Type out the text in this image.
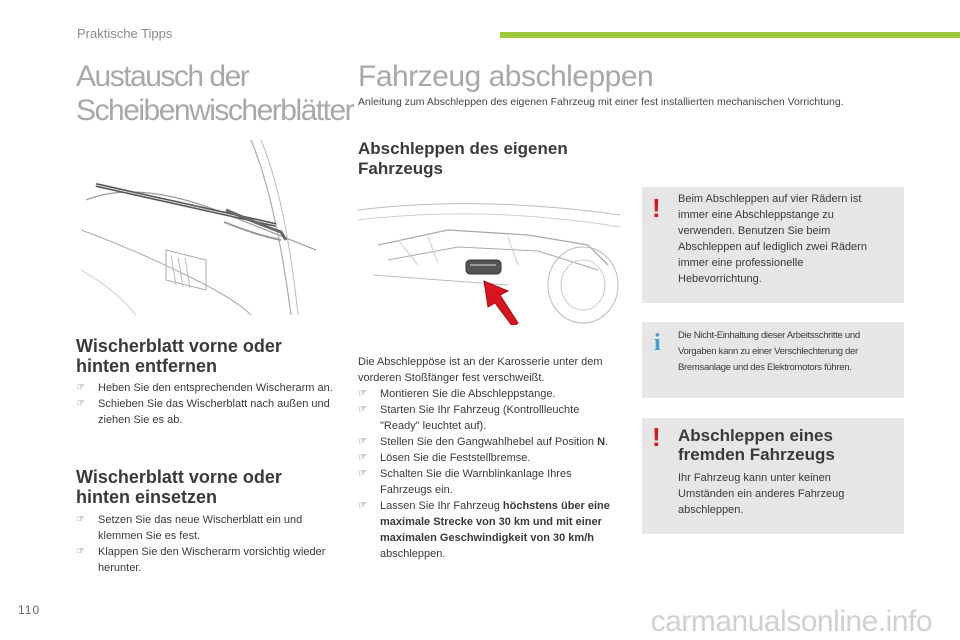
Praktische Tipps
Austausch der Scheibenwischerblätter
Wischerblatt vorne oder hinten entfernen
☞ Heben Sie den entsprechenden Wischerarm an.
☞ Schieben Sie das Wischerblatt nach außen und ziehen Sie es ab.
Wischerblatt vorne oder hinten einsetzen
☞ Setzen Sie das neue Wischerblatt ein und klemmen Sie es fest.
☞ Klappen Sie den Wischerarm vorsichtig wieder herunter.
Fahrzeug abschleppen
Anleitung zum Abschleppen des eigenen Fahrzeug mit einer fest installierten mechanischen Vorrichtung.
Abschleppen des eigenen Fahrzeugs
Die Abschleppöse ist an der Karosserie unter dem vorderen Stoßfänger fest verschweißt.
☞ Montieren Sie die Abschleppstange.
☞ Starten Sie Ihr Fahrzeug (Kontrollleuchte "Ready" leuchtet auf).
☞ Stellen Sie den Gangwahlhebel auf Position N.
☞ Lösen Sie die Feststellbremse.
☞ Schalten Sie die Warnblinkanlage Ihres Fahrzeugs ein.
☞ Lassen Sie Ihr Fahrzeug höchstens über eine maximale Strecke von 30 km und mit einer maximalen Geschwindigkeit von 30 km/h abschleppen.
! Beim Abschleppen auf vier Rädern ist immer eine Abschleppstange zu verwenden. Benutzen Sie beim Abschleppen auf lediglich zwei Rädern immer eine professionelle Hebevorrichtung.
i Die Nicht-Einhaltung dieser Arbeitsschritte und Vorgaben kann zu einer Verschlechterung der Bremsanlage und des Elektromotors führen.
! Abschleppen eines fremden Fahrzeugs
Ihr Fahrzeug kann unter keinen Umständen ein anderes Fahrzeug abschleppen.
110	carmanualsonline.info
